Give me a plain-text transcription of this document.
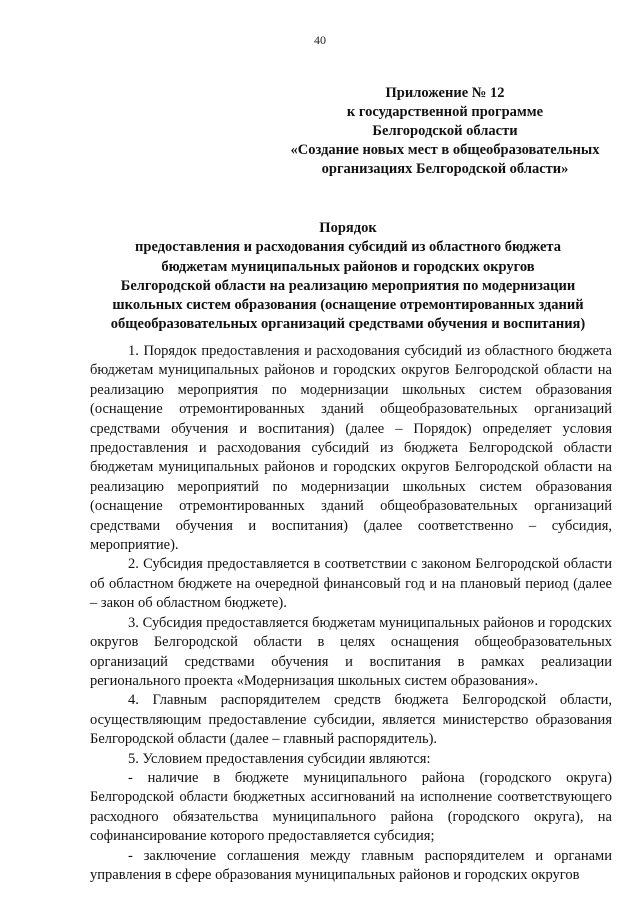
40
Приложение № 12
к государственной программе
Белгородской области
«Создание новых мест в общеобразовательных
организациях Белгородской области»
Порядок
предоставления и расходования субсидий из областного бюджета
бюджетам муниципальных районов и городских округов
Белгородской области на реализацию мероприятия по модернизации
школьных систем образования (оснащение отремонтированных зданий
общеобразовательных организаций средствами обучения и воспитания)

1. Порядок предоставления и расходования субсидий из областного бюджета бюджетам муниципальных районов и городских округов Белгородской области на реализацию мероприятия по модернизации школьных систем образования (оснащение отремонтированных зданий общеобразовательных организаций средствами обучения и воспитания) (далее – Порядок) определяет условия предоставления и расходования субсидий из бюджета Белгородской области бюджетам муниципальных районов и городских округов Белгородской области на реализацию мероприятий по модернизации школьных систем образования (оснащение отремонтированных зданий общеобразовательных организаций средствами обучения и воспитания) (далее соответственно – субсидия, мероприятие).

2. Субсидия предоставляется в соответствии с законом Белгородской области об областном бюджете на очередной финансовый год и на плановый период (далее – закон об областном бюджете).

3. Субсидия предоставляется бюджетам муниципальных районов и городских округов Белгородской области в целях оснащения общеобразовательных организаций средствами обучения и воспитания в рамках реализации регионального проекта «Модернизация школьных систем образования».

4. Главным распорядителем средств бюджета Белгородской области, осуществляющим предоставление субсидии, является министерство образования Белгородской области (далее – главный распорядитель).

5. Условием предоставления субсидии являются:

- наличие в бюджете муниципального района (городского округа) Белгородской области бюджетных ассигнований на исполнение соответствующего расходного обязательства муниципального района (городского округа), на софинансирование которого предоставляется субсидия;

- заключение соглашения между главным распорядителем и органами управления в сфере образования муниципальных районов и городских округов
